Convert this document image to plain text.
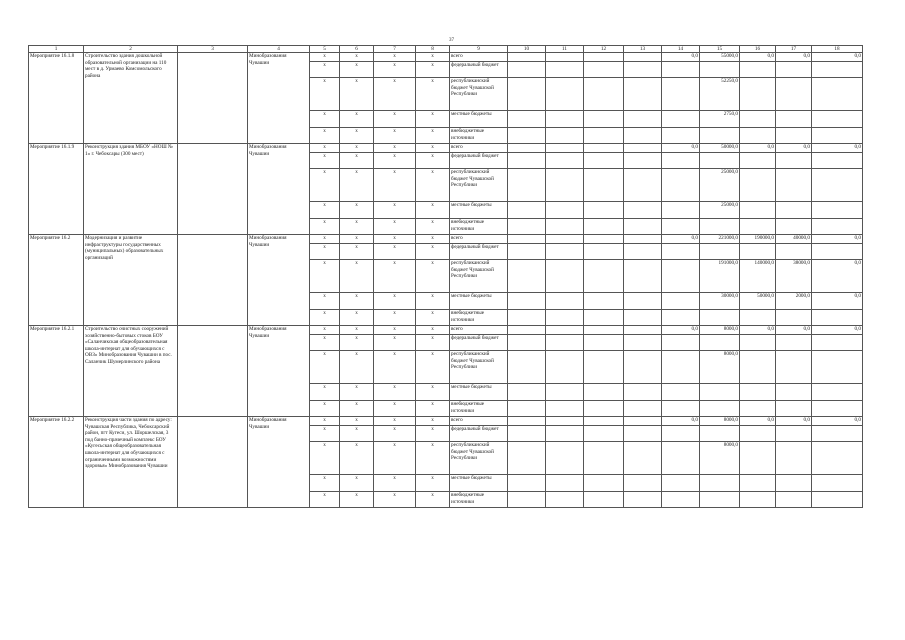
37
1	2	3	4	5	6	7	8	9	10	11	12	13	14	15	16	17	18
Мероприятие 16.1.8	Строительство здания дошкольной образовательной организации на 110 мест в д. Урмаево Комсомольского района		Минобразования Чувашии	x	x	x	x	всего					0,0	55000,0	0,0	0,0	0,0
				x	x	x	x	федеральный бюджет									
				x	x	x	x	республиканский бюджет Чувашской Республики						52250,0			
				x	x	x	x	местные бюджеты						2750,0			
				x	x	x	x	внебюджетные источники									
Мероприятие 16.1.9	Реконструкция здания МБОУ «НОШ № 1» г. Чебоксары (300 мест)		Минобразования Чувашии	x	x	x	x	всего					0,0	50000,0	0,0	0,0	0,0
				x	x	x	x	федеральный бюджет									
				x	x	x	x	республиканский бюджет Чувашской Республики						25000,0			
				x	x	x	x	местные бюджеты						25000,0			
				x	x	x	x	внебюджетные источники									
Мероприятие 16.2	Модернизация и развитие инфраструктуры государственных (муниципальных) образовательных организаций		Минобразования Чувашии	x	x	x	x	всего					0,0	221000,0	190000,0	40000,0	0,0
				x	x	x	x	федеральный бюджет									
				x	x	x	x	республиканский бюджет Чувашской Республики						191000,0	140000,0	38000,0	0,0
				x	x	x	x	местные бюджеты						30000,0	50000,0	2000,0	0,0
				x	x	x	x	внебюджетные источники									
Мероприятие 16.2.1	Строительство очистных сооружений хозяйственно-бытовых стоков БОУ «Саланчикская общеобразовательная школа-интернат для обучающихся с ОВЗ» Минобразования Чувашии в пос. Саланчик Шумерлинского района		Минобразования Чувашии	x	x	x	x	всего					0,0	8000,0	0,0	0,0	0,0
				x	x	x	x	федеральный бюджет									
				x	x	x	x	республиканский бюджет Чувашской Республики						8000,0			
				x	x	x	x	местные бюджеты									
				x	x	x	x	внебюджетные источники									
Мероприятие 16.2.2	Реконструкция части здания по адресу: Чувашская Республика, Чебоксарский район, пгт Кугеси, ул. Шоршелская, 3 под банно-прачечный комплекс БОУ «Кугесьская общеобразовательная школа-интернат для обучающихся с ограниченными возможностями здоровья» Минобразования Чувашии		Минобразования Чувашии	x	x	x	x	всего					0,0	8000,0	0,0	0,0	0,0
				x	x	x	x	федеральный бюджет									
				x	x	x	x	республиканский бюджет Чувашской Республики						8000,0			
				x	x	x	x	местные бюджеты									
				x	x	x	x	внебюджетные источники									
